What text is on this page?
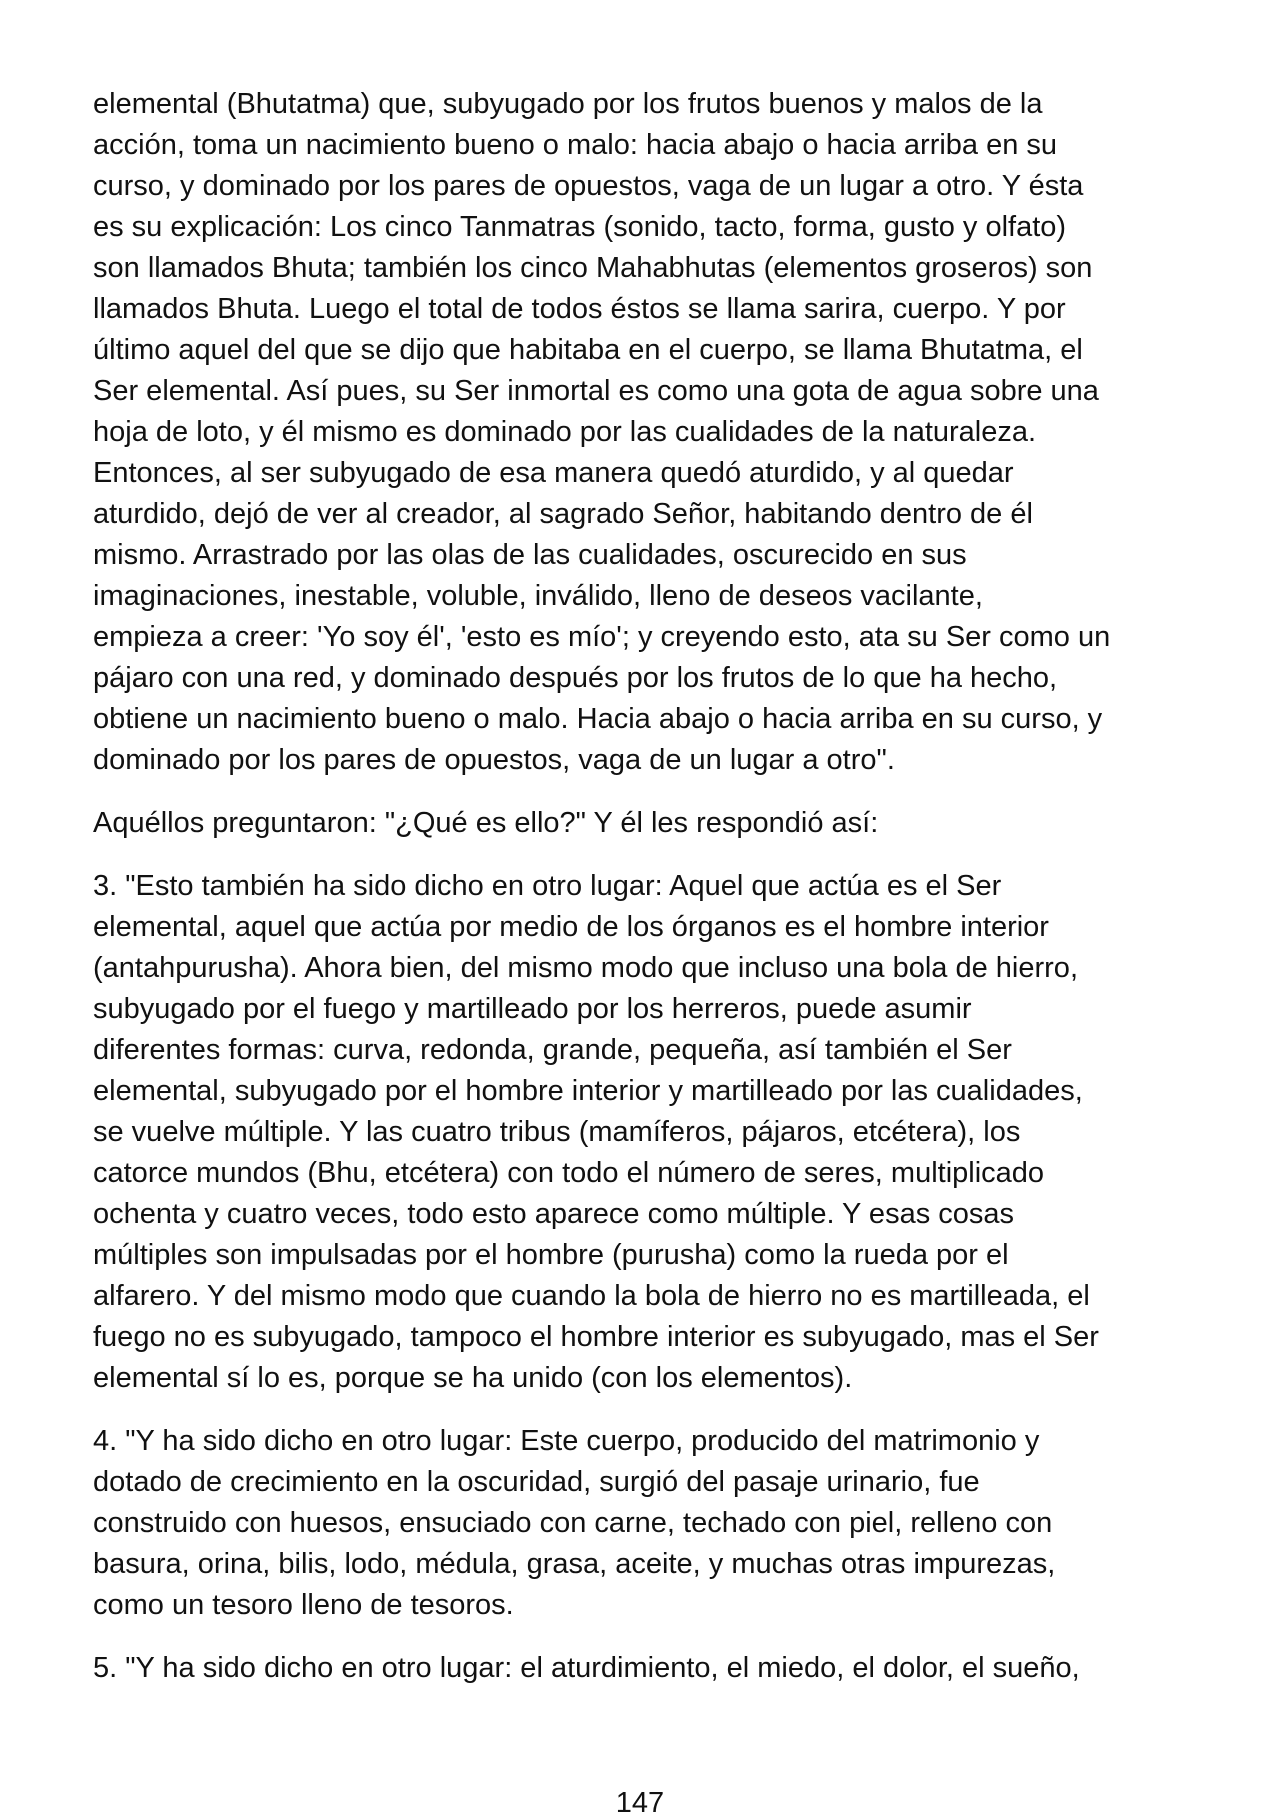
elemental (Bhutatma) que, subyugado por los frutos buenos y malos de la
acción, toma un nacimiento bueno o malo: hacia abajo o hacia arriba en su
curso, y dominado por los pares de opuestos, vaga de un lugar a otro. Y ésta
es su explicación: Los cinco Tanmatras (sonido, tacto, forma, gusto y olfato)
son llamados Bhuta; también los cinco Mahabhutas (elementos groseros) son
llamados Bhuta. Luego el total de todos éstos se llama sarira, cuerpo. Y por
último aquel del que se dijo que habitaba en el cuerpo, se llama Bhutatma, el
Ser elemental. Así pues, su Ser inmortal es como una gota de agua sobre una
hoja de loto, y él mismo es dominado por las cualidades de la naturaleza.
Entonces, al ser subyugado de esa manera quedó aturdido, y al quedar
aturdido, dejó de ver al creador, al sagrado Señor, habitando dentro de él
mismo. Arrastrado por las olas de las cualidades, oscurecido en sus
imaginaciones, inestable, voluble, inválido, lleno de deseos vacilante,
empieza a creer: 'Yo soy él', 'esto es mío'; y creyendo esto, ata su Ser como un
pájaro con una red, y dominado después por los frutos de lo que ha hecho,
obtiene un nacimiento bueno o malo. Hacia abajo o hacia arriba en su curso, y
dominado por los pares de opuestos, vaga de un lugar a otro".
Aquéllos preguntaron: "¿Qué es ello?" Y él les respondió así:
3. "Esto también ha sido dicho en otro lugar: Aquel que actúa es el Ser
elemental, aquel que actúa por medio de los órganos es el hombre interior
(antahpurusha). Ahora bien, del mismo modo que incluso una bola de hierro,
subyugado por el fuego y martilleado por los herreros, puede asumir
diferentes formas: curva, redonda, grande, pequeña, así también el Ser
elemental, subyugado por el hombre interior y martilleado por las cualidades,
se vuelve múltiple. Y las cuatro tribus (mamíferos, pájaros, etcétera), los
catorce mundos (Bhu, etcétera) con todo el número de seres, multiplicado
ochenta y cuatro veces, todo esto aparece como múltiple. Y esas cosas
múltiples son impulsadas por el hombre (purusha) como la rueda por el
alfarero. Y del mismo modo que cuando la bola de hierro no es martilleada, el
fuego no es subyugado, tampoco el hombre interior es subyugado, mas el Ser
elemental sí lo es, porque se ha unido (con los elementos).
4. "Y ha sido dicho en otro lugar: Este cuerpo, producido del matrimonio y
dotado de crecimiento en la oscuridad, surgió del pasaje urinario, fue
construido con huesos, ensuciado con carne, techado con piel, relleno con
basura, orina, bilis, lodo, médula, grasa, aceite, y muchas otras impurezas,
como un tesoro lleno de tesoros.
5. "Y ha sido dicho en otro lugar: el aturdimiento, el miedo, el dolor, el sueño,
147
